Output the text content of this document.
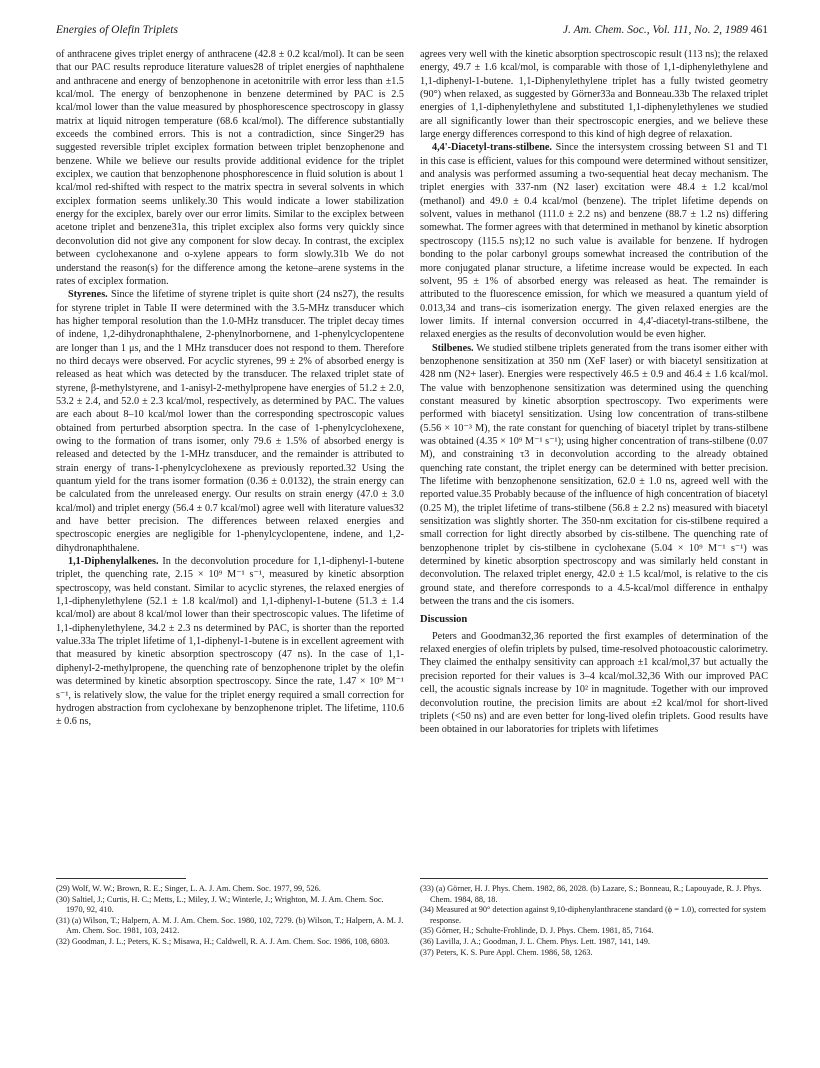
Energies of Olefin Triplets	J. Am. Chem. Soc., Vol. 111, No. 2, 1989 461

of anthracene gives triplet energy of anthracene (42.8 ± 0.2 kcal/mol). It can be seen that our PAC results reproduce literature values28 of triplet energies of naphthalene and anthracene and energy of benzophenone in acetonitrile with error less than ±1.5 kcal/mol. The energy of benzophenone in benzene determined by PAC is 2.5 kcal/mol lower than the value measured by phosphorescence spectroscopy in glassy matrix at liquid nitrogen temperature (68.6 kcal/mol). The difference substantially exceeds the combined errors. This is not a contradiction, since Singer29 has suggested reversible triplet exciplex formation between triplet benzophenone and benzene. While we believe our results provide additional evidence for the triplet exciplex, we caution that benzophenone phosphorescence in fluid solution is about 1 kcal/mol red-shifted with respect to the matrix spectra in several solvents in which exciplex formation seems unlikely.30 This would indicate a lower stabilization energy for the exciplex, barely over our error limits. Similar to the exciplex between acetone triplet and benzene31a, this triplet exciplex also forms very quickly since deconvolution did not give any component for slow decay. In contrast, the exciplex between cyclohexanone and o-xylene appears to form slowly.31b We do not understand the reason(s) for the difference among the ketone–arene systems in the rates of exciplex formation.

Styrenes. Since the lifetime of styrene triplet is quite short (24 ns27), the results for styrene triplet in Table II were determined with the 3.5-MHz transducer which has higher temporal resolution than the 1.0-MHz transducer. The triplet decay times of indene, 1,2-dihydronaphthalene, 2-phenylnorbornene, and 1-phenylcyclopentene are longer than 1 μs, and the 1 MHz transducer does not respond to them. Therefore no third decays were observed. For acyclic styrenes, 99 ± 2% of absorbed energy is released as heat which was detected by the transducer. The relaxed triplet state of styrene, β-methylstyrene, and 1-anisyl-2-methylpropene have energies of 51.2 ± 2.0, 53.2 ± 2.4, and 52.0 ± 2.3 kcal/mol, respectively, as determined by PAC. The values are each about 8–10 kcal/mol lower than the corresponding spectroscopic values obtained from perturbed absorption spectra. In the case of 1-phenylcyclohexene, owing to the formation of trans isomer, only 79.6 ± 1.5% of absorbed energy is released and detected by the 1-MHz transducer, and the remainder is attributed to strain energy of trans-1-phenylcyclohexene as previously reported.32 Using the quantum yield for the trans isomer formation (0.36 ± 0.0132), the strain energy can be calculated from the unreleased energy. Our results on strain energy (47.0 ± 3.0 kcal/mol) and triplet energy (56.4 ± 0.7 kcal/mol) agree well with literature values32 and have better precision. The differences between relaxed energies and spectroscopic energies are negligible for 1-phenylcyclopentene, indene, and 1,2-dihydronaphthalene.

1,1-Diphenylalkenes. In the deconvolution procedure for 1,1-diphenyl-1-butene triplet, the quenching rate, 2.15 × 10⁹ M⁻¹ s⁻¹, measured by kinetic absorption spectroscopy, was held constant. Similar to acyclic styrenes, the relaxed energies of 1,1-diphenylethylene (52.1 ± 1.8 kcal/mol) and 1,1-diphenyl-1-butene (51.3 ± 1.4 kcal/mol) are about 8 kcal/mol lower than their spectroscopic values. The lifetime of 1,1-diphenylethylene, 34.2 ± 2.3 ns determined by PAC, is shorter than the reported value.33a The triplet lifetime of 1,1-diphenyl-1-butene is in excellent agreement with that measured by kinetic absorption spectroscopy (47 ns). In the case of 1,1-diphenyl-2-methylpropene, the quenching rate of benzophenone triplet by the olefin was determined by kinetic absorption spectroscopy. Since the rate, 1.47 × 10⁹ M⁻¹ s⁻¹, is relatively slow, the value for the triplet energy required a small correction for hydrogen abstraction from cyclohexane by benzophenone triplet. The lifetime, 110.6 ± 0.6 ns,

agrees very well with the kinetic absorption spectroscopic result (113 ns); the relaxed energy, 49.7 ± 1.6 kcal/mol, is comparable with those of 1,1-diphenylethylene and 1,1-diphenyl-1-butene. 1,1-Diphenylethylene triplet has a fully twisted geometry (90°) when relaxed, as suggested by Görner33a and Bonneau.33b The relaxed triplet energies of 1,1-diphenylethylene and substituted 1,1-diphenylethylenes we studied are all significantly lower than their spectroscopic energies, and we believe these large energy differences correspond to this kind of high degree of relaxation.

4,4'-Diacetyl-trans-stilbene. Since the intersystem crossing between S1 and T1 in this case is efficient, values for this compound were determined without sensitizer, and analysis was performed assuming a two-sequential heat decay mechanism. The triplet energies with 337-nm (N2 laser) excitation were 48.4 ± 1.2 kcal/mol (methanol) and 49.0 ± 0.4 kcal/mol (benzene). The triplet lifetime depends on solvent, values in methanol (111.0 ± 2.2 ns) and benzene (88.7 ± 1.2 ns) differing somewhat. The former agrees with that determined in methanol by kinetic absorption spectroscopy (115.5 ns);12 no such value is available for benzene. If hydrogen bonding to the polar carbonyl groups somewhat increased the contribution of the more conjugated planar structure, a lifetime increase would be expected. In each solvent, 95 ± 1% of absorbed energy was released as heat. The remainder is attributed to the fluorescence emission, for which we measured a quantum yield of 0.013,34 and trans–cis isomerization energy. The given relaxed energies are the lower limits. If internal conversion occurred in 4,4'-diacetyl-trans-stilbene, the relaxed energies as the results of deconvolution would be even higher.

Stilbenes. We studied stilbene triplets generated from the trans isomer either with benzophenone sensitization at 350 nm (XeF laser) or with biacetyl sensitization at 428 nm (N2+ laser). Energies were respectively 46.5 ± 0.9 and 46.4 ± 1.6 kcal/mol. The value with benzophenone sensitization was determined using the quenching constant measured by kinetic absorption spectroscopy. Two experiments were performed with biacetyl sensitization. Using low concentration of trans-stilbene (5.56 × 10⁻³ M), the rate constant for quenching of biacetyl triplet by trans-stilbene was obtained (4.35 × 10⁹ M⁻¹ s⁻¹); using higher concentration of trans-stilbene (0.07 M), and constraining τ3 in deconvolution according to the already obtained quenching rate constant, the triplet energy can be determined with better precision. The lifetime with benzophenone sensitization, 62.0 ± 1.0 ns, agreed well with the reported value.35 Probably because of the influence of high concentration of biacetyl (0.25 M), the triplet lifetime of trans-stilbene (56.8 ± 2.2 ns) measured with biacetyl sensitization was slightly shorter. The 350-nm excitation for cis-stilbene required a small correction for light directly absorbed by cis-stilbene. The quenching rate of benzophenone triplet by cis-stilbene in cyclohexane (5.04 × 10⁹ M⁻¹ s⁻¹) was determined by kinetic absorption spectroscopy and was similarly held constant in deconvolution. The relaxed triplet energy, 42.0 ± 1.5 kcal/mol, is relative to the cis ground state, and therefore corresponds to a 4.5-kcal/mol difference in enthalpy between the trans and the cis isomers.

Discussion

Peters and Goodman32,36 reported the first examples of determination of the relaxed energies of olefin triplets by pulsed, time-resolved photoacoustic calorimetry. They claimed the enthalpy sensitivity can approach ±1 kcal/mol,37 but actually the precision reported for their values is 3–4 kcal/mol.32,36 With our improved PAC cell, the acoustic signals increase by 10² in magnitude. Together with our improved deconvolution routine, the precision limits are about ±2 kcal/mol for short-lived triplets (<50 ns) and are even better for long-lived olefin triplets. Good results have been obtained in our laboratories for triplets with lifetimes

(29) Wolf, W. W.; Brown, R. E.; Singer, L. A. J. Am. Chem. Soc. 1977, 99, 526.

(30) Saltiel, J.; Curtis, H. C.; Metts, L.; Miley, J. W.; Winterle, J.; Wrighton, M. J. Am. Chem. Soc. 1970, 92, 410.

(31) (a) Wilson, T.; Halpern, A. M. J. Am. Chem. Soc. 1980, 102, 7279. (b) Wilson, T.; Halpern, A. M. J. Am. Chem. Soc. 1981, 103, 2412.

(32) Goodman, J. L.; Peters, K. S.; Misawa, H.; Caldwell, R. A. J. Am. Chem. Soc. 1986, 108, 6803.

(33) (a) Görner, H. J. Phys. Chem. 1982, 86, 2028. (b) Lazare, S.; Bonneau, R.; Lapouyade, R. J. Phys. Chem. 1984, 88, 18.

(34) Measured at 90° detection against 9,10-diphenylanthracene standard (ϕ = 1.0), corrected for system response.

(35) Görner, H.; Schulte-Frohlinde, D. J. Phys. Chem. 1981, 85, 7164.

(36) Lavilla, J. A.; Goodman, J. L. Chem. Phys. Lett. 1987, 141, 149.

(37) Peters, K. S. Pure Appl. Chem. 1986, 58, 1263.
